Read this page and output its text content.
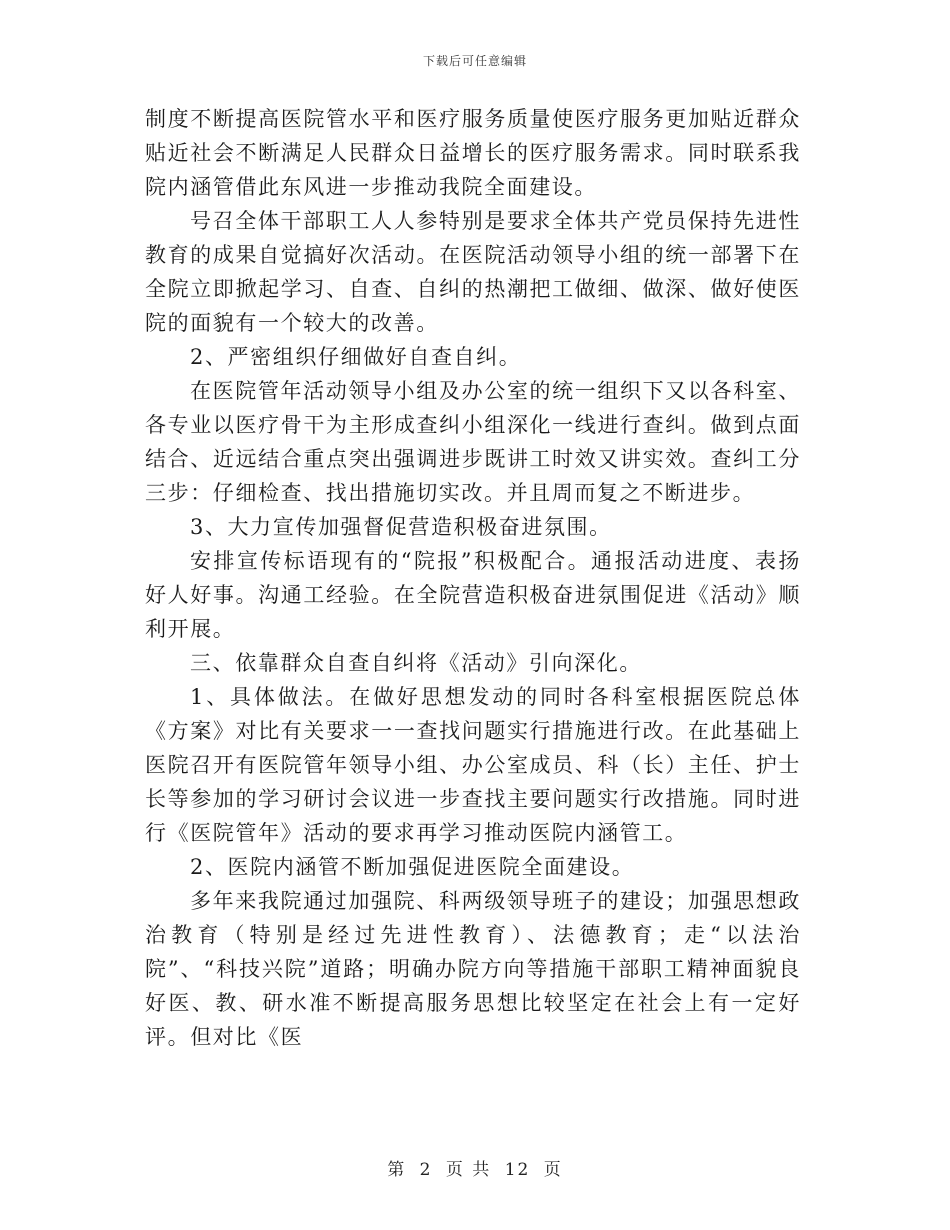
下载后可任意编辑

制度不断提高医院管水平和医疗服务质量使医疗服务更加贴近群众贴近社会不断满足人民群众日益增长的医疗服务需求。同时联系我院内涵管借此东风进一步推动我院全面建设。

号召全体干部职工人人参特别是要求全体共产党员保持先进性教育的成果自觉搞好次活动。在医院活动领导小组的统一部署下在全院立即掀起学习、自查、自纠的热潮把工做细、做深、做好使医院的面貌有一个较大的改善。

2、严密组织仔细做好自查自纠。

在医院管年活动领导小组及办公室的统一组织下又以各科室、各专业以医疗骨干为主形成查纠小组深化一线进行查纠。做到点面结合、近远结合重点突出强调进步既讲工时效又讲实效。查纠工分三步：仔细检查、找出措施切实改。并且周而复之不断进步。

3、大力宣传加强督促营造积极奋进氛围。

安排宣传标语现有的“院报”积极配合。通报活动进度、表扬好人好事。沟通工经验。在全院营造积极奋进氛围促进《活动》顺利开展。

三、依靠群众自查自纠将《活动》引向深化。

1、具体做法。在做好思想发动的同时各科室根据医院总体《方案》对比有关要求一一查找问题实行措施进行改。在此基础上医院召开有医院管年领导小组、办公室成员、科（长）主任、护士长等参加的学习研讨会议进一步查找主要问题实行改措施。同时进行《医院管年》活动的要求再学习推动医院内涵管工。

2、医院内涵管不断加强促进医院全面建设。

多年来我院通过加强院、科两级领导班子的建设；加强思想政治教育（特别是经过先进性教育）、法德教育；走“以法治院”、“科技兴院”道路；明确办院方向等措施干部职工精神面貌良好医、教、研水准不断提高服务思想比较坚定在社会上有一定好评。但对比《医

第 2 页 共 12 页
